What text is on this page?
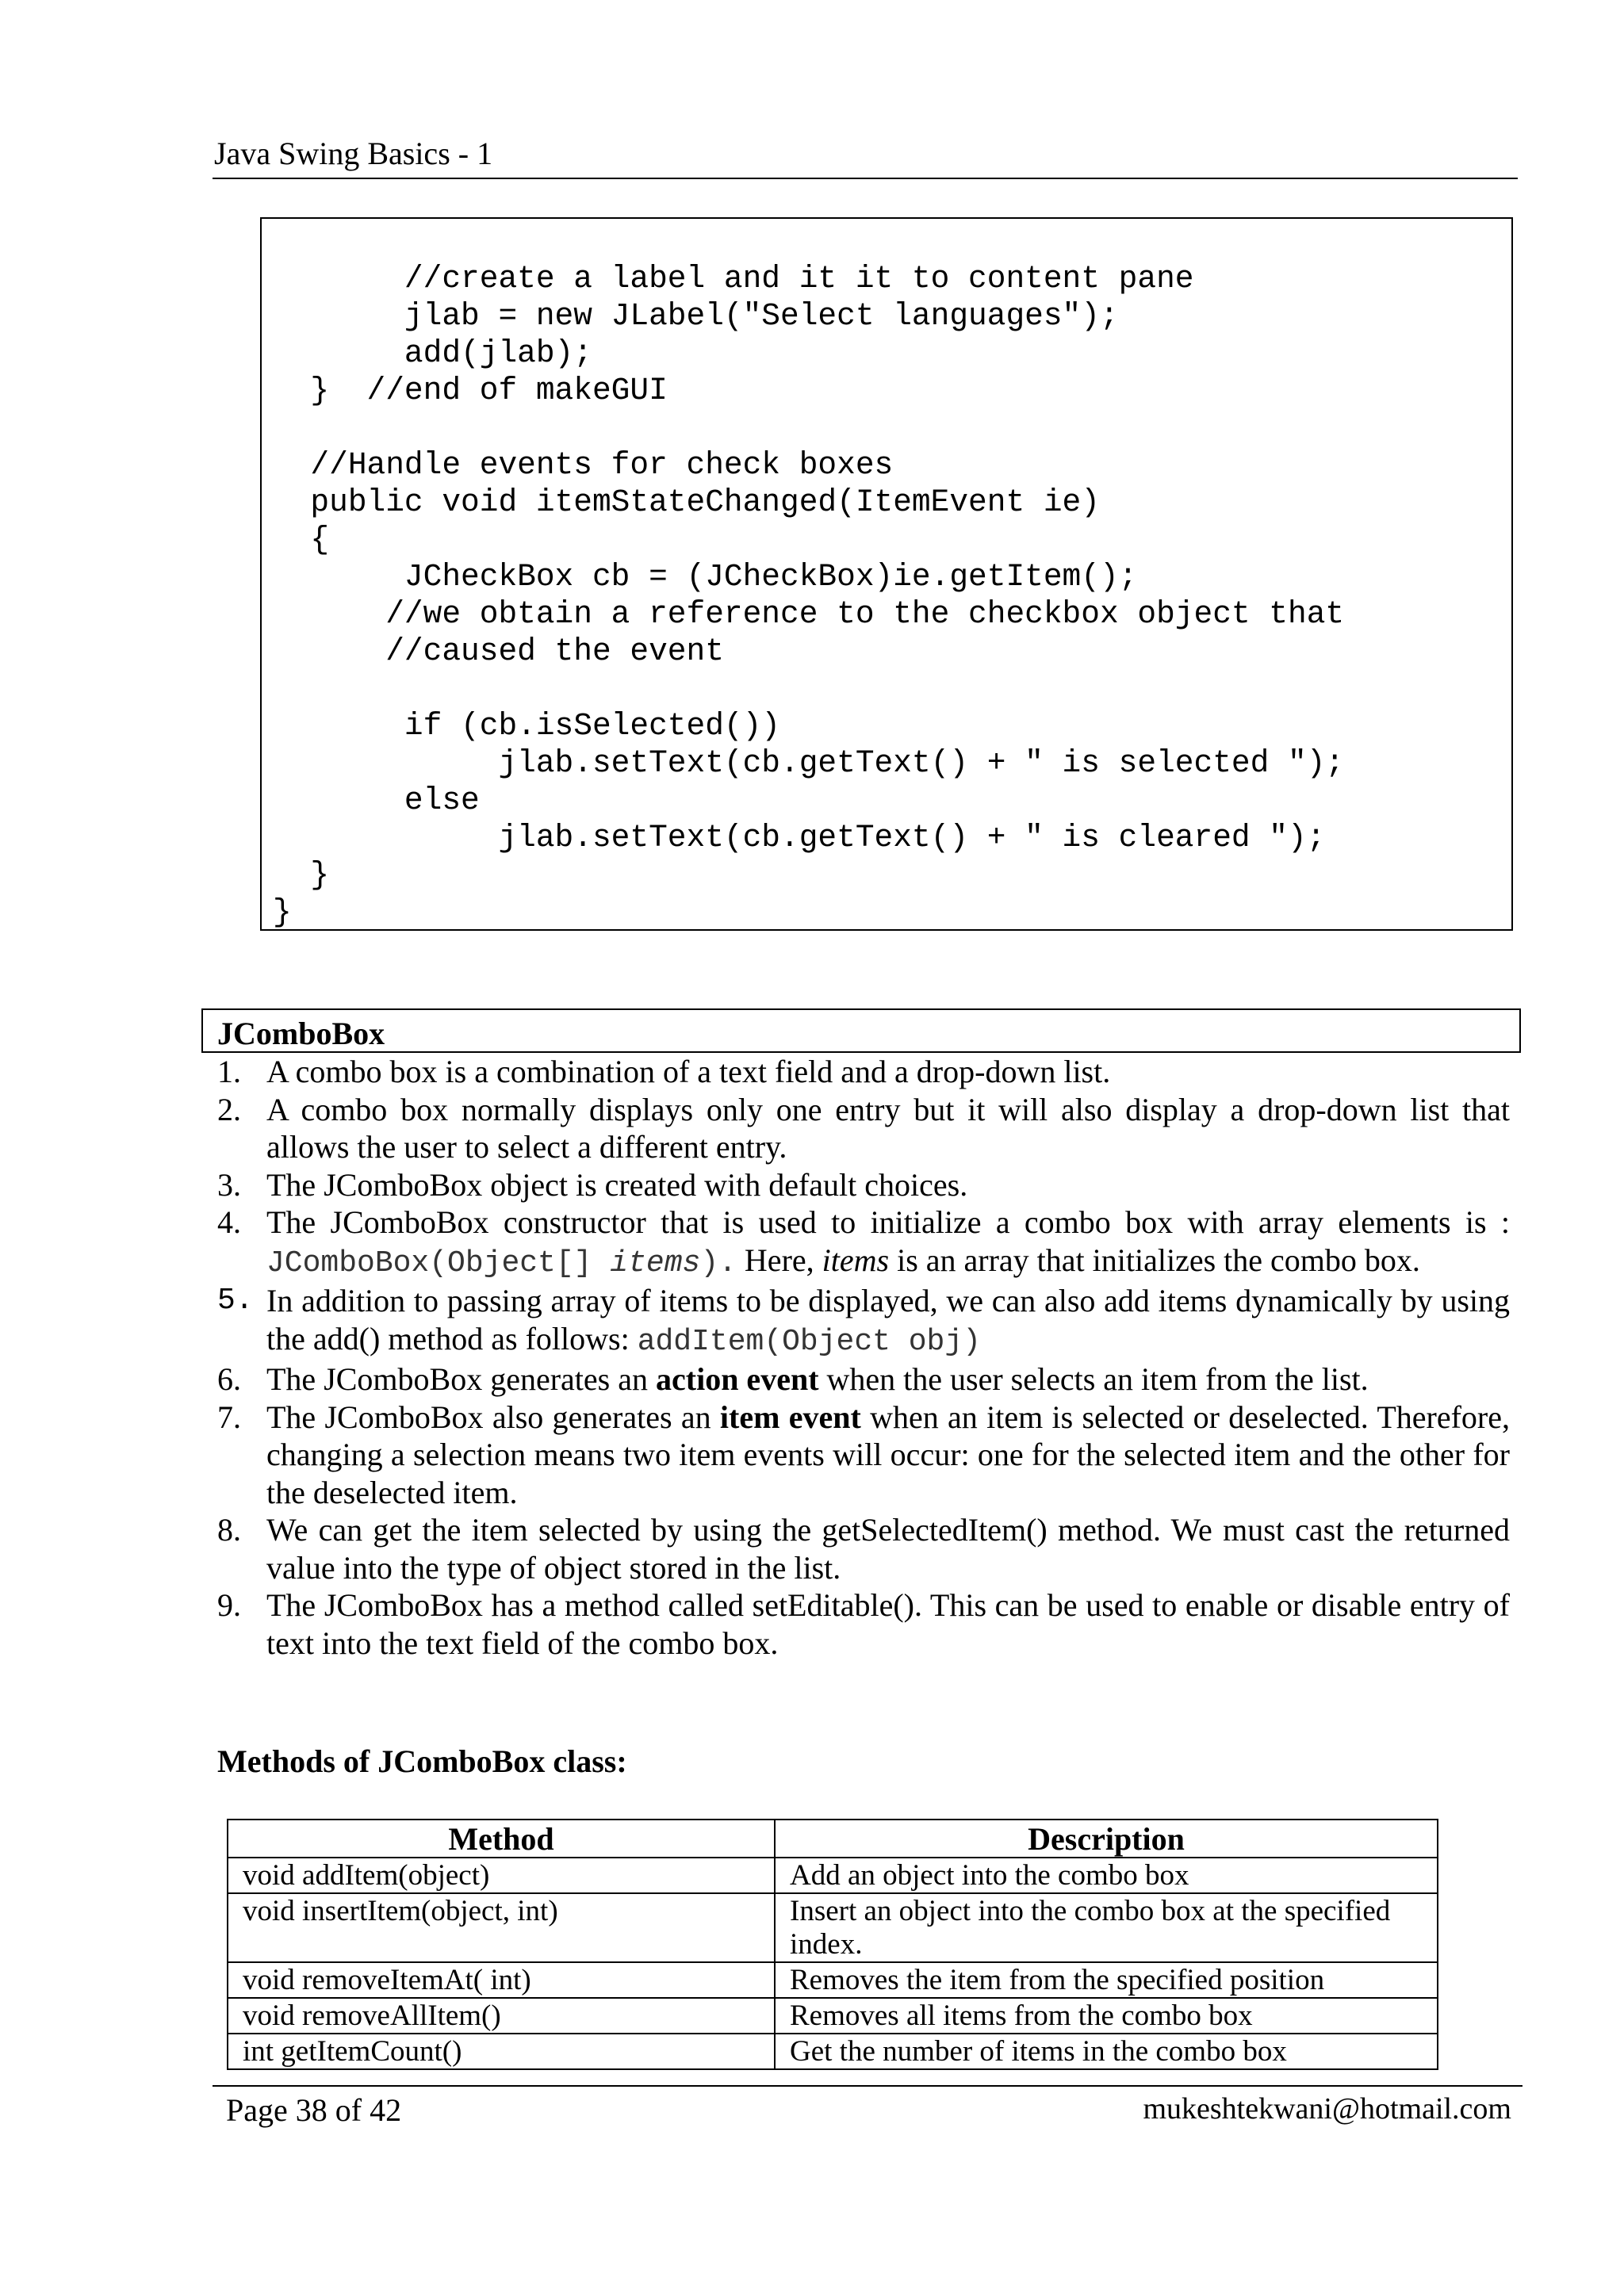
Java Swing Basics - 1
//create a label and it it to content pane
jlab = new JLabel("Select languages");
add(jlab);
}  //end of makeGUI

//Handle events for check boxes
public void itemStateChanged(ItemEvent ie)
{
JCheckBox cb = (JCheckBox)ie.getItem();
//we obtain a reference to the checkbox object that
//caused the event

if (cb.isSelected())
jlab.setText(cb.getText() + " is selected ");
else
jlab.setText(cb.getText() + " is cleared ");
}
}
JComboBox
1. A combo box is a combination of a text field and a drop-down list.
2. A combo box normally displays only one entry but it will also display a drop-down list that allows the user to select a different entry.
3. The JComboBox object is created with default choices.
4. The JComboBox constructor that is used to initialize a combo box with array elements is : JComboBox(Object[] items). Here, items is an array that initializes the combo box.
5. In addition to passing array of items to be displayed, we can also add items dynamically by using the add() method as follows: addItem(Object obj)
6. The JComboBox generates an action event when the user selects an item from the list.
7. The JComboBox also generates an item event when an item is selected or deselected. Therefore, changing a selection means two item events will occur: one for the selected item and the other for the deselected item.
8. We can get the item selected by using the getSelectedItem() method. We must cast the returned value into the type of object stored in the list.
9. The JComboBox has a method called setEditable(). This can be used to enable or disable entry of text into the text field of the combo box.
Methods of JComboBox class:
Method	Description
void addItem(object)	Add an object into the combo box
void insertItem(object, int)	Insert an object into the combo box at the specified index.
void removeItemAt( int)	Removes the item from the specified position
void removeAllItem()	Removes all items from the combo box
int getItemCount()	Get the number of items in the combo box
Page 38 of 42	mukeshtekwani@hotmail.com
